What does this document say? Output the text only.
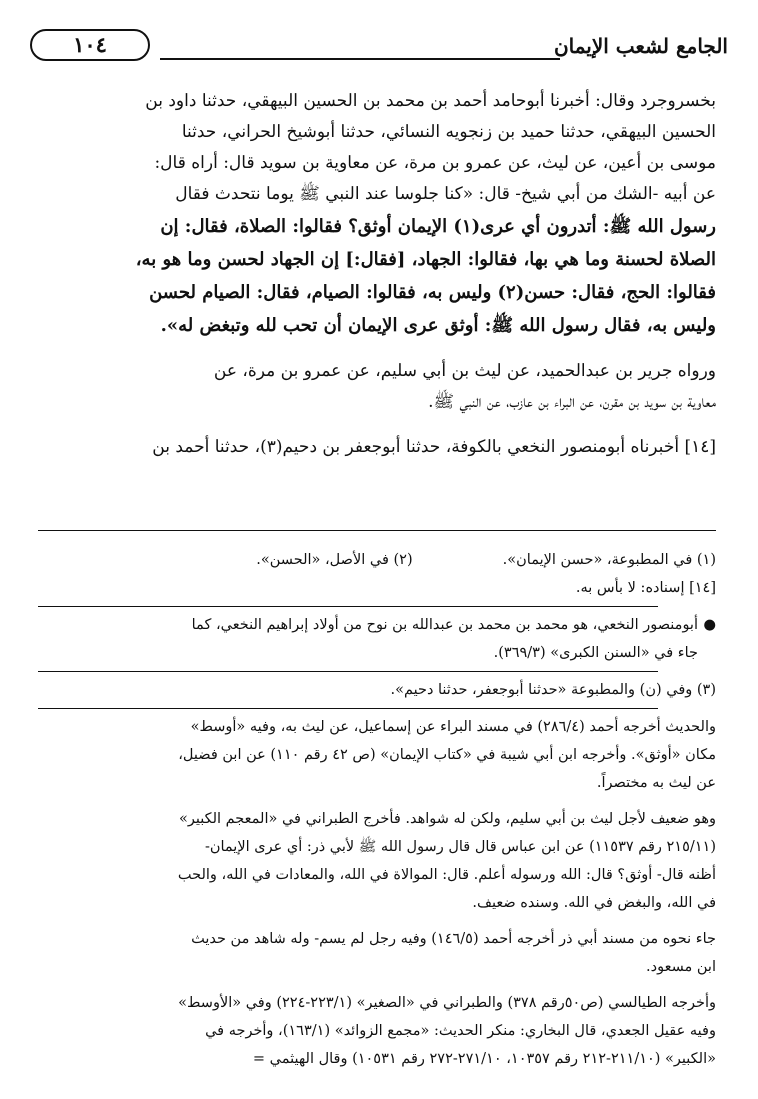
الجامع لشعب الإيمان
١٠٤

بخسروجرد وقال: أخبرنا أبوحامد أحمد بن محمد بن الحسين البيهقي، حدثنا داود بن

الحسين البيهقي، حدثنا حميد بن زنجويه النسائي، حدثنا أبوشيخ الحراني، حدثنا

موسى بن أعين، عن ليث، عن عمرو بن مرة، عن معاوية بن سويد قال: أراه قال:

عن أبيه -الشك من أبي شيخ- قال: «كنا جلوسا عند النبي ﷺ يوما نتحدث فقال

رسول الله ﷺ: أتدرون أي عرى(١) الإيمان أوثق؟ فقالوا: الصلاة، فقال: إن

الصلاة لحسنة وما هي بها، فقالوا: الجهاد، [فقال:] إن الجهاد لحسن وما هو به،

فقالوا: الحج، فقال: حسن(٢) وليس به، فقالوا: الصيام، فقال: الصيام لحسن

وليس به، فقال رسول الله ﷺ: أوثق عرى الإيمان أن تحب لله وتبغض له».

ورواه جرير بن عبدالحميد، عن ليث بن أبي سليم، عن عمرو بن مرة، عن

معاوية بن سويد بن مقرن، عن البراء بن عازب، عن النبي ﷺ.

[١٤] أخبرناه أبومنصور النخعي بالكوفة، حدثنا أبوجعفر بن دحيم(٣)، حدثنا أحمد بن

(١) في المطبوعة، «حسن الإيمان».
(٢) في الأصل، «الحسن».

[١٤] إسناده: لا بأس به.

●
أبومنصور النخعي، هو محمد بن محمد بن عبدالله بن نوح من أولاد إبراهيم النخعي، كما

جاء في «السنن الكبرى» (٣٦٩/٣).

(٣) وفي (ن) والمطبوعة «حدثنا أبوجعفر، حدثنا دحيم».

والحديث أخرجه أحمد (٢٨٦/٤) في مسند البراء عن إسماعيل، عن ليث به، وفيه «أوسط»

مكان «أوثق». وأخرجه ابن أبي شيبة في «كتاب الإيمان» (ص ٤٢ رقم ١١٠) عن ابن فضيل،

عن ليث به مختصراً.

وهو ضعيف لأجل ليث بن أبي سليم، ولكن له شواهد. فأخرج الطبراني في «المعجم الكبير»

(٢١٥/١١ رقم ١١٥٣٧) عن ابن عباس قال قال رسول الله ﷺ لأبي ذر: أي عرى الإيمان-

أظنه قال- أوثق؟ قال: الله ورسوله أعلم. قال: الموالاة في الله، والمعادات في الله، والحب

في الله، والبغض في الله. وسنده ضعيف.

جاء نحوه من مسند أبي ذر أخرجه أحمد (١٤٦/٥) وفيه رجل لم يسم- وله شاهد من حديث

ابن مسعود.

وأخرجه الطيالسي (ص٥٠رقم ٣٧٨) والطبراني في «الصغير» (٢٢٣/١-٢٢٤) وفي «الأوسط»

وفيه عقيل الجعدي، قال البخاري: منكر الحديث: «مجمع الزوائد» (١٦٣/١)، وأخرجه في

«الكبير» (٢١١/١٠-٢١٢ رقم ١٠٣٥٧، ٢٧١/١٠-٢٧٢ رقم ١٠٥٣١) وقال الهيثمي =
